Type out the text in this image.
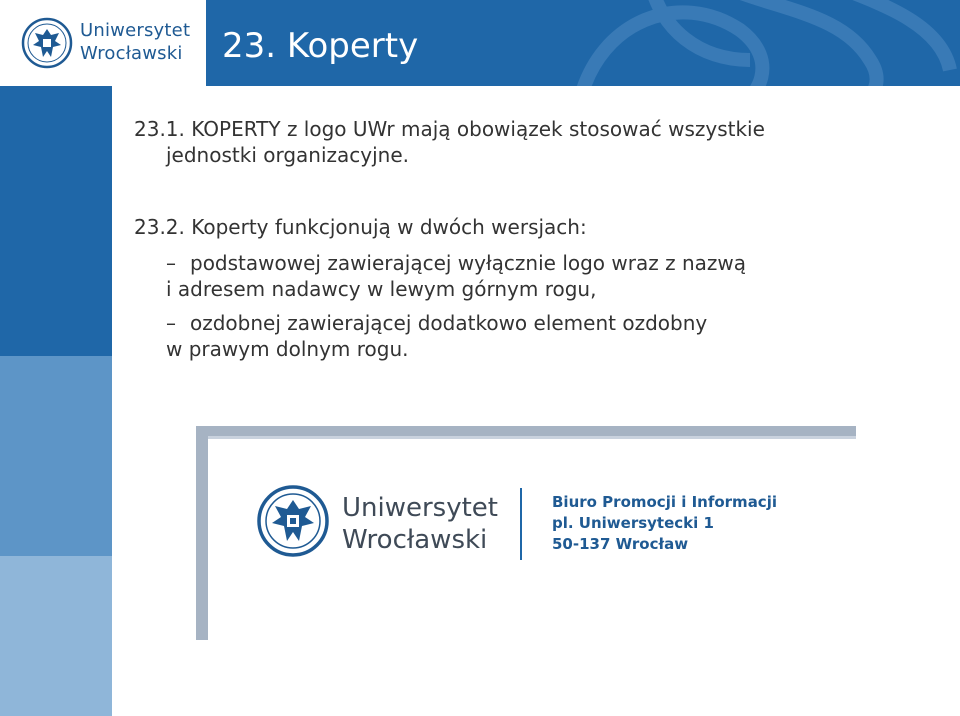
Uniwersytet
Wrocławski 23. Koperty

23.1. KOPERTY z logo UWr mają obowiązek stosować wszystkie
jednostki organizacyjne.

23.2. Koperty funkcjonują w dwóch wersjach:

– podstawowej zawierającej wyłącznie logo wraz z nazwą
i adresem nadawcy w lewym górnym rogu,
– ozdobnej zawierającej dodatkowo element ozdobny
w prawym dolnym rogu.
Uniwersytet
Wrocławski
Biuro Promocji i Informacji
pl. Uniwersytecki 1
50-137 Wrocław
